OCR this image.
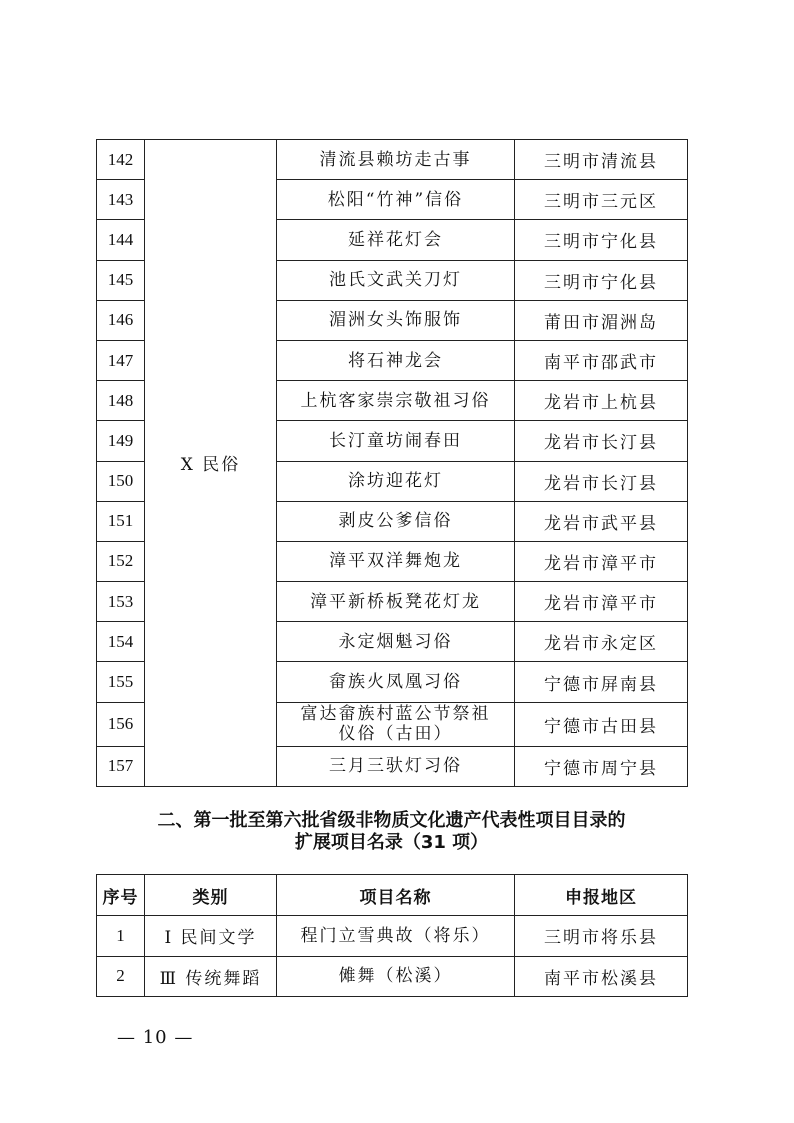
142	Ⅹ 民俗	清流县赖坊走古事	三明市清流县
143		松阳“竹神”信俗	三明市三元区
144		延祥花灯会	三明市宁化县
145		池氏文武关刀灯	三明市宁化县
146		湄洲女头饰服饰	莆田市湄洲岛
147		将石神龙会	南平市邵武市
148		上杭客家崇宗敬祖习俗	龙岩市上杭县
149		长汀童坊闹春田	龙岩市长汀县
150		涂坊迎花灯	龙岩市长汀县
151		剥皮公爹信俗	龙岩市武平县
152		漳平双洋舞炮龙	龙岩市漳平市
153		漳平新桥板凳花灯龙	龙岩市漳平市
154		永定烟魁习俗	龙岩市永定区
155		畲族火凤凰习俗	宁德市屏南县
156		富达畲族村蓝公节祭祖
仪俗（古田）	宁德市古田县
157		三月三驮灯习俗	宁德市周宁县
二、第一批至第六批省级非物质文化遗产代表性项目目录的
扩展项目名录（31 项）
序号	类别	项目名称	申报地区
1	Ⅰ 民间文学	程门立雪典故（将乐）	三明市将乐县
2	Ⅲ 传统舞蹈	傩舞（松溪）	南平市松溪县
— 10 —
